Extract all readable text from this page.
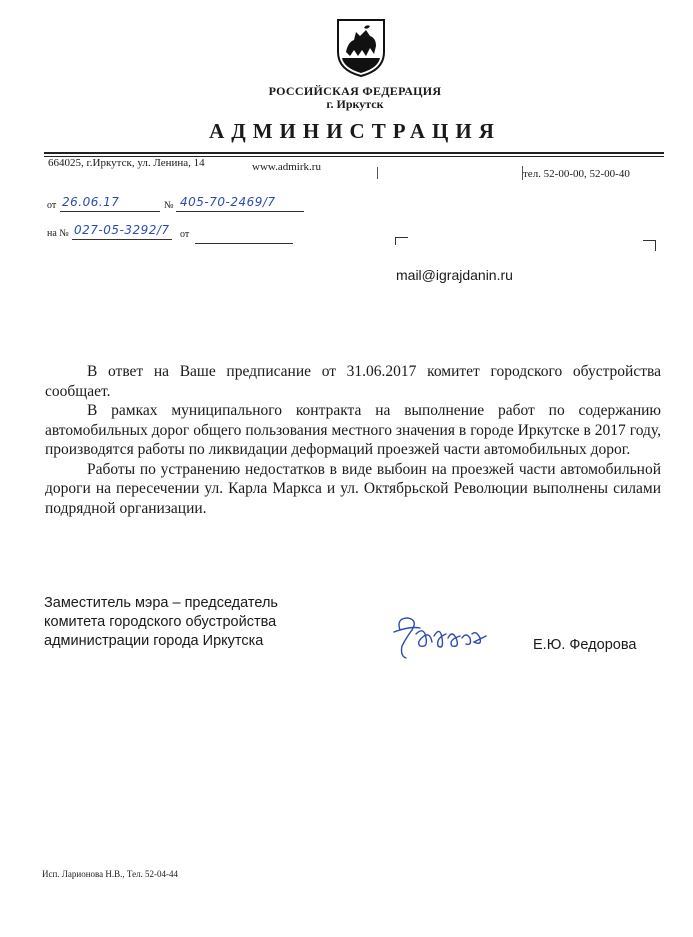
РОССИЙСКАЯ ФЕДЕРАЦИЯ
г. Иркутск
АДМИНИСТРАЦИЯ
664025, г.Иркутск, ул. Ленина, 14	www.admirk.ru
тел. 52-00-00, 52-00-40
от 26.06.17	№ 405-70-2469/7
на № 027-05-3292/7 от
mail@igrajdanin.ru

В ответ на Ваше предписание от 31.06.2017 комитет городского обустройства сообщает.

В рамках муниципального контракта на выполнение работ по содержанию автомобильных дорог общего пользования местного значения в городе Иркутске в 2017 году, производятся работы по ликвидации деформаций проезжей части автомобильных дорог.

Работы по устранению недостатков в виде выбоин на проезжей части автомобильной дороги на пересечении ул. Карла Маркса и ул. Октябрьской Революции выполнены силами подрядной организации.

Заместитель мэра – председатель
комитета городского обустройства
администрации города Иркутска	Е.Ю. Федорова
Исп. Ларионова Н.В., Тел. 52-04-44
